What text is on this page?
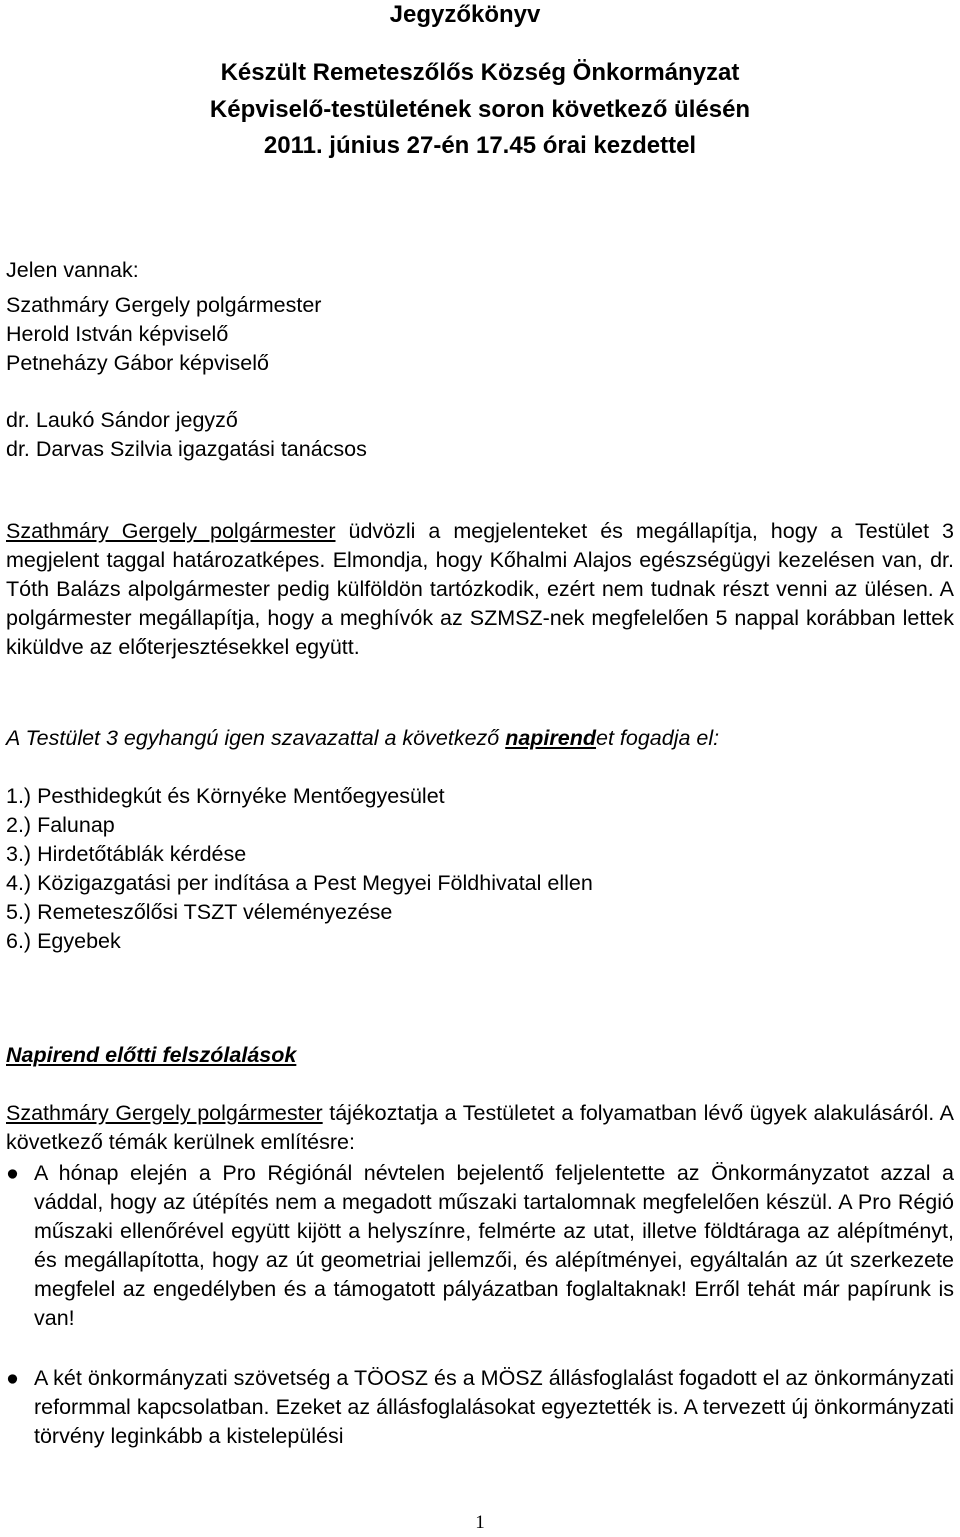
Jegyzőkönyv
Készült Remeteszőlős Község Önkormányzat
Képviselő-testületének soron következő ülésén
2011. június 27-én 17.45 órai kezdettel
Jelen vannak:
Szathmáry Gergely polgármester
Herold István képviselő
Petneházy Gábor képviselő
dr. Laukó Sándor jegyző
dr. Darvas Szilvia igazgatási tanácsos
Szathmáry Gergely polgármester üdvözli a megjelenteket és megállapítja, hogy a Testület 3 megjelent taggal határozatképes. Elmondja, hogy Kőhalmi Alajos egészségügyi kezelésen van, dr. Tóth Balázs alpolgármester pedig külföldön tartózkodik, ezért nem tudnak részt venni az ülésen. A polgármester megállapítja, hogy a meghívók az SZMSZ-nek megfelelően 5 nappal korábban lettek kiküldve az előterjesztésekkel együtt.
A Testület 3 egyhangú igen szavazattal a következő napirendet fogadja el:
1.) Pesthidegkút és Környéke Mentőegyesület
2.) Falunap
3.) Hirdetőtáblák kérdése
4.) Közigazgatási per indítása a Pest Megyei Földhivatal ellen
5.) Remeteszőlősi TSZT véleményezése
6.) Egyebek
Napirend előtti felszólalások
Szathmáry Gergely polgármester tájékoztatja a Testületet a folyamatban lévő ügyek alakulásáról. A következő témák kerülnek említésre:
● A hónap elején a Pro Régiónál névtelen bejelentő feljelentette az Önkormányzatot azzal a váddal, hogy az útépítés nem a megadott műszaki tartalomnak megfelelően készül. A Pro Régió műszaki ellenőrével együtt kijött a helyszínre, felmérte az utat, illetve földtáraga az alépítményt, és megállapította, hogy az út geometriai jellemzői, és alépítményei, egyáltalán az út szerkezete megfelel az engedélyben és a támogatott pályázatban foglaltaknak! Erről tehát már papírunk is van!
● A két önkormányzati szövetség a TÖOSZ és a MÖSZ állásfoglalást fogadott el az önkormányzati reformmal kapcsolatban. Ezeket az állásfoglalásokat egyeztették is. A tervezett új önkormányzati törvény leginkább a kistelepülési
1
